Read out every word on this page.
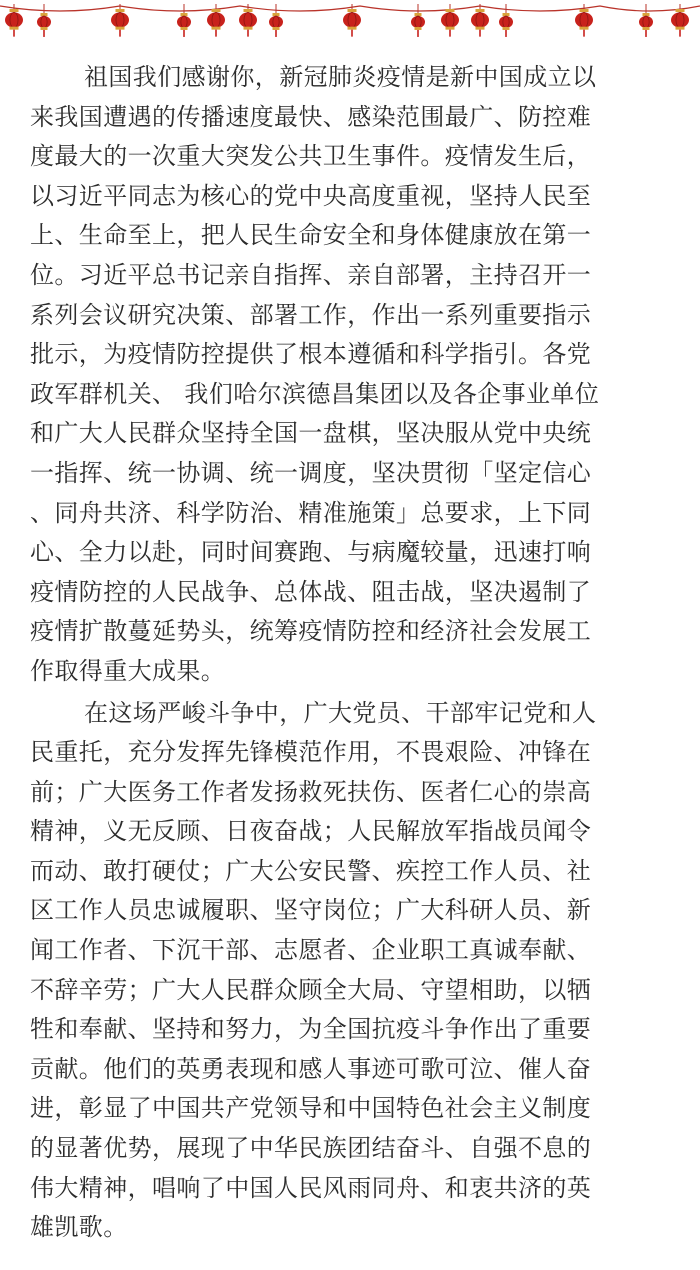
祖国我们感谢你，新冠肺炎疫情是新中国成立以
来我国遭遇的传播速度最快、感染范围最广、防控难
度最大的一次重大突发公共卫生事件。疫情发生后，
以习近平同志为核心的党中央高度重视，坚持人民至
上、生命至上，把人民生命安全和身体健康放在第一
位。习近平总书记亲自指挥、亲自部署，主持召开一
系列会议研究决策、部署工作，作出一系列重要指示
批示，为疫情防控提供了根本遵循和科学指引。各党
政军群机关、 我们哈尔滨德昌集团以及各企事业单位
和广大人民群众坚持全国一盘棋，坚决服从党中央统
一指挥、统一协调、统一调度，坚决贯彻「坚定信心
、同舟共济、科学防治、精准施策」总要求，上下同
心、全力以赴，同时间赛跑、与病魔较量，迅速打响
疫情防控的人民战争、总体战、阻击战，坚决遏制了
疫情扩散蔓延势头，统筹疫情防控和经济社会发展工
作取得重大成果。
在这场严峻斗争中，广大党员、干部牢记党和人
民重托，充分发挥先锋模范作用，不畏艰险、冲锋在
前；广大医务工作者发扬救死扶伤、医者仁心的崇高
精神，义无反顾、日夜奋战；人民解放军指战员闻令
而动、敢打硬仗；广大公安民警、疾控工作人员、社
区工作人员忠诚履职、坚守岗位；广大科研人员、新
闻工作者、下沉干部、志愿者、企业职工真诚奉献、
不辞辛劳；广大人民群众顾全大局、守望相助，以牺
牲和奉献、坚持和努力，为全国抗疫斗争作出了重要
贡献。他们的英勇表现和感人事迹可歌可泣、催人奋
进，彰显了中国共产党领导和中国特色社会主义制度
的显著优势，展现了中华民族团结奋斗、自强不息的
伟大精神，唱响了中国人民风雨同舟、和衷共济的英
雄凯歌。
